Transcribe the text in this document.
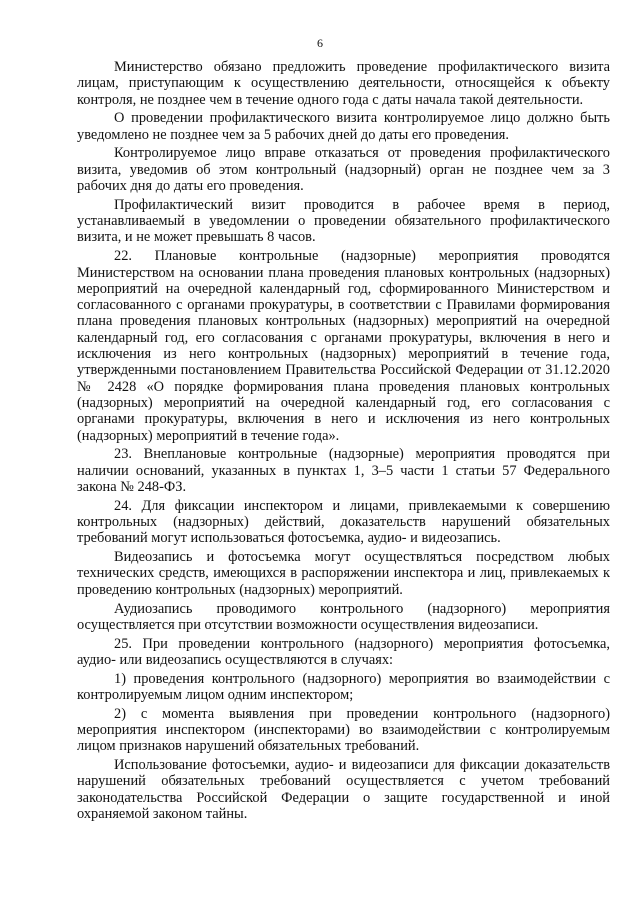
6

Министерство обязано предложить проведение профилактического визита лицам, приступающим к осуществлению деятельности, относящейся к объекту контроля, не позднее чем в течение одного года с даты начала такой деятельности.

О проведении профилактического визита контролируемое лицо должно быть уведомлено не позднее чем за 5 рабочих дней до даты его проведения.

Контролируемое лицо вправе отказаться от проведения профилактического визита, уведомив об этом контрольный (надзорный) орган не позднее чем за 3 рабочих дня до даты его проведения.

Профилактический визит проводится в рабочее время в период, устанавливаемый в уведомлении о проведении обязательного профилактического визита, и не может превышать 8 часов.

22. Плановые контрольные (надзорные) мероприятия проводятся Министерством на основании плана проведения плановых контрольных (надзорных) мероприятий на очередной календарный год, сформированного Министерством и согласованного с органами прокуратуры, в соответствии с Правилами формирования плана проведения плановых контрольных (надзорных) мероприятий на очередной календарный год, его согласования с органами прокуратуры, включения в него и исключения из него контрольных (надзорных) мероприятий в течение года, утвержденными постановлением Правительства Российской Федерации от 31.12.2020 № 2428 «О порядке формирования плана проведения плановых контрольных (надзорных) мероприятий на очередной календарный год, его согласования с органами прокуратуры, включения в него и исключения из него контрольных (надзорных) мероприятий в течение года».

23. Внеплановые контрольные (надзорные) мероприятия проводятся при наличии оснований, указанных в пунктах 1, 3–5 части 1 статьи 57 Федерального закона № 248-ФЗ.

24. Для фиксации инспектором и лицами, привлекаемыми к совершению контрольных (надзорных) действий, доказательств нарушений обязательных требований могут использоваться фотосъемка, аудио- и видеозапись.

Видеозапись и фотосъемка могут осуществляться посредством любых технических средств, имеющихся в распоряжении инспектора и лиц, привлекаемых к проведению контрольных (надзорных) мероприятий.

Аудиозапись проводимого контрольного (надзорного) мероприятия осуществляется при отсутствии возможности осуществления видеозаписи.

25. При проведении контрольного (надзорного) мероприятия фотосъемка, аудио- или видеозапись осуществляются в случаях:

1) проведения контрольного (надзорного) мероприятия во взаимодействии с контролируемым лицом одним инспектором;

2) с момента выявления при проведении контрольного (надзорного) мероприятия инспектором (инспекторами) во взаимодействии с контролируемым лицом признаков нарушений обязательных требований.

Использование фотосъемки, аудио- и видеозаписи для фиксации доказательств нарушений обязательных требований осуществляется с учетом требований законодательства Российской Федерации о защите государственной и иной охраняемой законом тайны.
